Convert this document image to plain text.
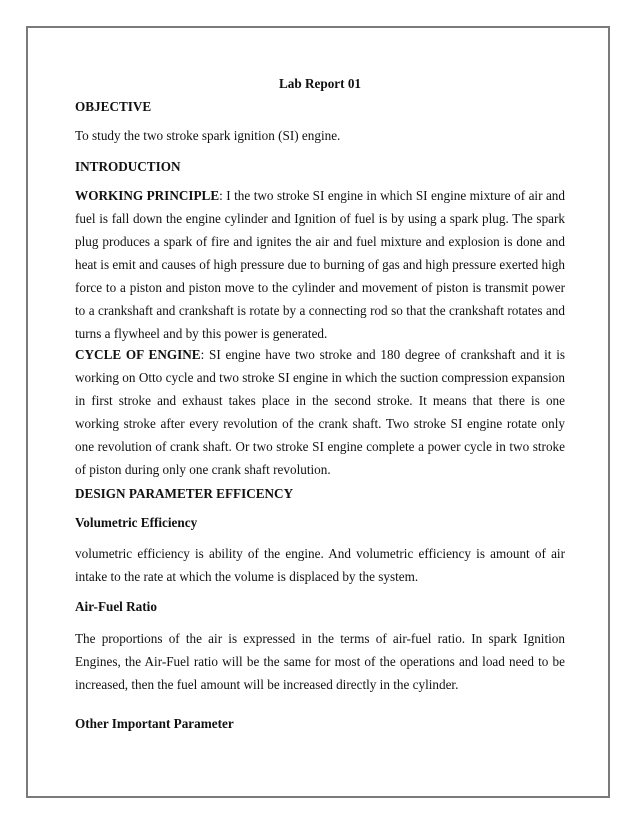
Lab Report 01
OBJECTIVE
To study the two stroke spark ignition (SI) engine.
INTRODUCTION

WORKING PRINCIPLE: I the two stroke SI engine in which SI engine mixture of air and fuel is fall down the engine cylinder and Ignition of fuel is by using a spark plug. The spark plug produces a spark of fire and ignites the air and fuel mixture and explosion is done and heat is emit and causes of high pressure due to burning of gas and high pressure exerted high force to a piston and piston move to the cylinder and movement of piston is transmit power to a crankshaft and crankshaft is rotate by a connecting rod so that the crankshaft rotates and turns a flywheel and by this power is generated.

CYCLE OF ENGINE: SI engine have two stroke and 180 degree of crankshaft and it is working on Otto cycle and two stroke SI engine in which the suction compression expansion in first stroke and exhaust takes place in the second stroke. It means that there is one working stroke after every revolution of the crank shaft. Two stroke SI engine rotate only one revolution of crank shaft. Or two stroke SI engine complete a power cycle in two stroke of piston during only one crank shaft revolution.

DESIGN PARAMETER EFFICENCY
Volumetric Efficiency

volumetric efficiency is ability of the engine. And volumetric efficiency is amount of air intake to the rate at which the volume is displaced by the system.

Air-Fuel Ratio

The proportions of the air is expressed in the terms of air-fuel ratio. In spark Ignition Engines, the Air-Fuel ratio will be the same for most of the operations and load need to be increased, then the fuel amount will be increased directly in the cylinder.

Other Important Parameter
